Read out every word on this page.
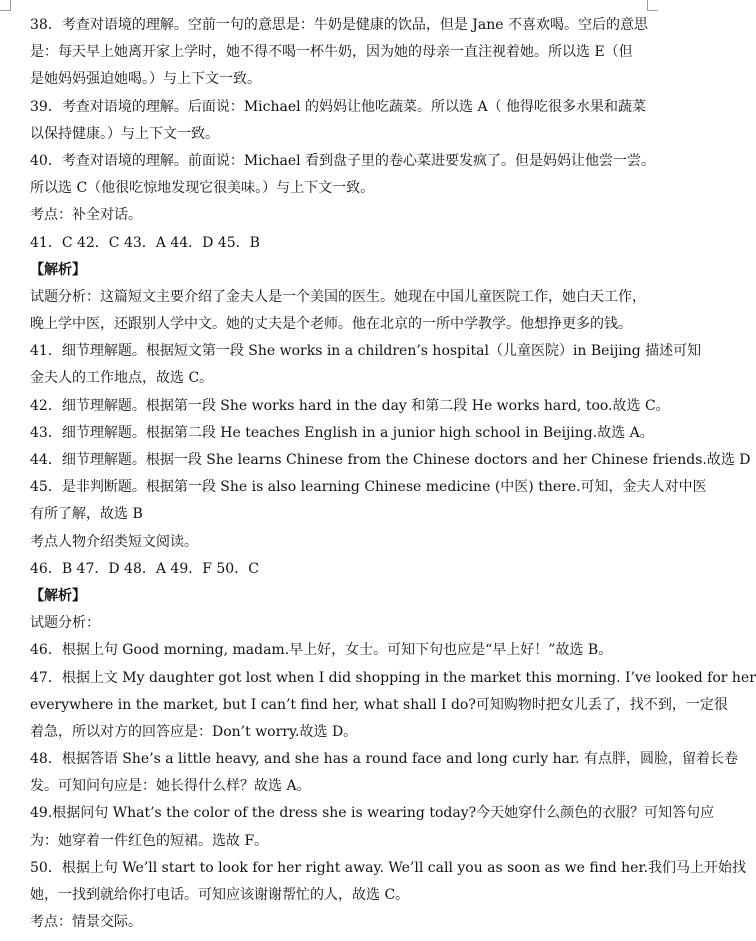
38．考查对语境的理解。空前一句的意思是：牛奶是健康的饮品，但是 Jane 不喜欢喝。空后的意思
是：每天早上她离开家上学时，她不得不喝一杯牛奶，因为她的母亲一直注视着她。所以选 E（但
是她妈妈强迫她喝。）与上下文一致。
39．考查对语境的理解。后面说：Michael 的妈妈让他吃蔬菜。所以选 A（ 他得吃很多水果和蔬菜
以保持健康。）与上下文一致。
40．考查对语境的理解。前面说：Michael 看到盘子里的卷心菜进要发疯了。但是妈妈让他尝一尝。
所以选 C（他很吃惊地发现它很美味。）与上下文一致。
考点：补全对话。
41．C 42．C 43．A 44．D 45．B
【解析】
试题分析：这篇短文主要介绍了金夫人是一个美国的医生。她现在中国儿童医院工作，她白天工作，
晚上学中医，还跟别人学中文。她的丈夫是个老师。他在北京的一所中学教学。他想挣更多的钱。
41．细节理解题。根据短文第一段 She works in a children’s hospital（儿童医院）in Beijing 描述可知
金夫人的工作地点，故选 C。
42．细节理解题。根据第一段 She works hard in the day 和第二段 He works hard, too.故选 C。
43．细节理解题。根据第二段 He teaches English in a junior high school in Beijing.故选 A。
44．细节理解题。根据一段 She learns Chinese from the Chinese doctors and her Chinese friends.故选 D
45．是非判断题。根据第一段 She is also learning Chinese medicine (中医) there.可知，金夫人对中医
有所了解，故选 B
考点人物介绍类短文阅读。
46．B 47．D 48．A 49．F 50．C
【解析】
试题分析：
46．根据上句 Good morning, madam.早上好，女士。可知下句也应是“早上好！”故选 B。
47．根据上文 My daughter got lost when I did shopping in the market this morning. I’ve looked for her
everywhere in the market, but I can’t find her, what shall I do?可知购物时把女儿丢了，找不到，一定很
着急，所以对方的回答应是：Don’t worry.故选 D。
48．根据答语 She’s a little heavy, and she has a round face and long curly har. 有点胖，圆脸，留着长卷
发。可知问句应是：她长得什么样？故选 A。
49.根据问句 What’s the color of the dress she is wearing today?今天她穿什么颜色的衣服？可知答句应
为：她穿着一件红色的短裙。选故 F。
50．根据上句 We’ll start to look for her right away. We’ll call you as soon as we find her.我们马上开始找
她，一找到就给你打电话。可知应该谢谢帮忙的人，故选 C。
考点：情景交际。
